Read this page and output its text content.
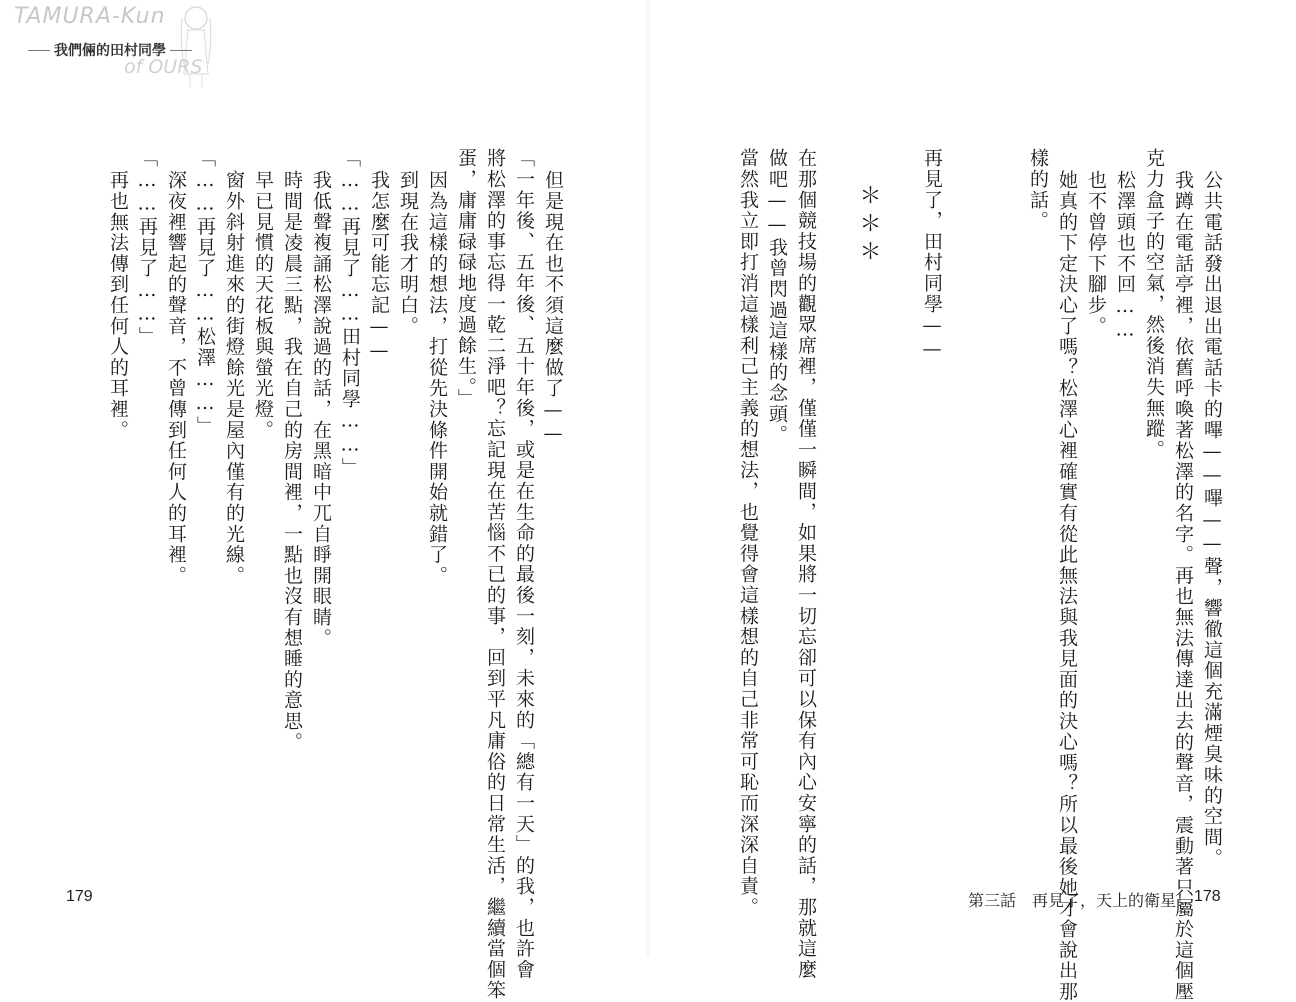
TAMURA-Kun
of OURS
我們倆的田村同學
但是現在也不須這麼做了——
「一年後、五年後、五十年後，或是在生命的最後一刻，未來的「總有一天」的我，也許會
將松澤的事忘得一乾二淨吧？忘記現在苦惱不已的事，回到平凡庸俗的日常生活，繼續當個笨
蛋，庸庸碌碌地度過餘生。」
因為這樣的想法，打從先決條件開始就錯了。
到現在我才明白。
我怎麼可能忘記——
「……再見了……田村同學……」
我低聲複誦松澤說過的話，在黑暗中兀自睜開眼睛。
時間是凌晨三點，我在自己的房間裡，一點也沒有想睡的意思。
早已見慣的天花板與螢光燈。
窗外斜射進來的街燈餘光是屋內僅有的光線。
「……再見了……松澤……」
深夜裡響起的聲音，不曾傳到任何人的耳裡。
「……再見了……」
再也無法傳到任何人的耳裡。	公共電話發出退出電話卡的嗶——嗶——聲，響徹這個充滿煙臭味的空間。
我蹲在電話亭裡，依舊呼喚著松澤的名字。再也無法傳達出去的聲音，震動著只屬於這個壓
克力盒子的空氣，然後消失無蹤。
松澤頭也不回……
也不曾停下腳步。
她真的下定決心了嗎？松澤心裡確實有從此無法與我見面的決心嗎？所以最後她才會說出那
樣的話。
再見了，田村同學——
＊＊＊
在那個競技場的觀眾席裡，僅僅一瞬間，如果將一切忘卻可以保有內心安寧的話，那就這麼
做吧——我曾閃過這樣的念頭。
當然我立即打消這樣利己主義的想法，也覺得會這樣想的自己非常可恥而深深自責。
179	第三話　再見了，天上的衛星！ 178
